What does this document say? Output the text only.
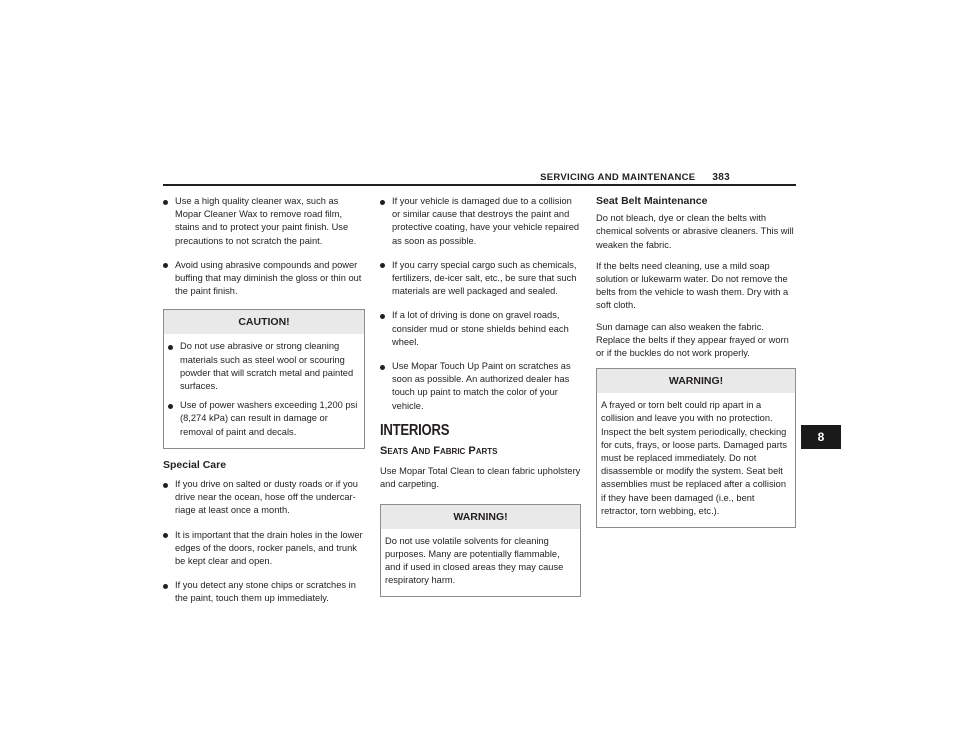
SERVICING AND MAINTENANCE 383
8
Use a high quality cleaner wax, such as Mopar Cleaner Wax to remove road film, stains and to protect your paint finish. Use precautions to not scratch the paint.
Avoid using abrasive compounds and power buffing that may diminish the gloss or thin out the paint finish.
CAUTION!
Do not use abrasive or strong cleaning materials such as steel wool or scouring powder that will scratch metal and painted surfaces.
Use of power washers exceeding 1,200 psi (8,274 kPa) can result in damage or removal of paint and decals.
Special Care
If you drive on salted or dusty roads or if you drive near the ocean, hose off the undercar-riage at least once a month.
It is important that the drain holes in the lower edges of the doors, rocker panels, and trunk be kept clear and open.
If you detect any stone chips or scratches in the paint, touch them up immediately.
If your vehicle is damaged due to a collision or similar cause that destroys the paint and protective coating, have your vehicle repaired as soon as possible.
If you carry special cargo such as chemicals, fertilizers, de-icer salt, etc., be sure that such materials are well packaged and sealed.
If a lot of driving is done on gravel roads, consider mud or stone shields behind each wheel.
Use Mopar Touch Up Paint on scratches as soon as possible. An authorized dealer has touch up paint to match the color of your vehicle.
INTERIORS
Seats And Fabric Parts

Use Mopar Total Clean to clean fabric upholstery and carpeting.

WARNING!

Do not use volatile solvents for cleaning purposes. Many are potentially flammable, and if used in closed areas they may cause respiratory harm.

Seat Belt Maintenance

Do not bleach, dye or clean the belts with chemical solvents or abrasive cleaners. This will weaken the fabric.

If the belts need cleaning, use a mild soap solution or lukewarm water. Do not remove the belts from the vehicle to wash them. Dry with a soft cloth.

Sun damage can also weaken the fabric. Replace the belts if they appear frayed or worn or if the buckles do not work properly.

WARNING!

A frayed or torn belt could rip apart in a collision and leave you with no protection. Inspect the belt system periodically, checking for cuts, frays, or loose parts. Damaged parts must be replaced immediately. Do not disassemble or modify the system. Seat belt assemblies must be replaced after a collision if they have been damaged (i.e., bent retractor, torn webbing, etc.).
